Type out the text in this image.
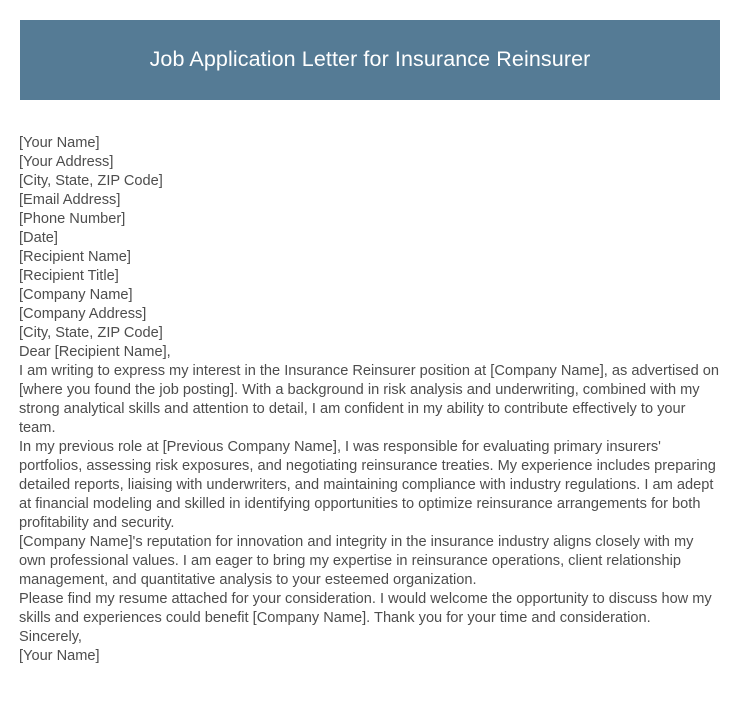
Job Application Letter for Insurance Reinsurer
[Your Name]
[Your Address]
[City, State, ZIP Code]
[Email Address]
[Phone Number]
[Date]
[Recipient Name]
[Recipient Title]
[Company Name]
[Company Address]
[City, State, ZIP Code]
Dear [Recipient Name],

I am writing to express my interest in the Insurance Reinsurer position at [Company Name], as advertised on [where you found the job posting]. With a background in risk analysis and underwriting, combined with my strong analytical skills and attention to detail, I am confident in my ability to contribute effectively to your team.

In my previous role at [Previous Company Name], I was responsible for evaluating primary insurers' portfolios, assessing risk exposures, and negotiating reinsurance treaties. My experience includes preparing detailed reports, liaising with underwriters, and maintaining compliance with industry regulations. I am adept at financial modeling and skilled in identifying opportunities to optimize reinsurance arrangements for both profitability and security.

[Company Name]'s reputation for innovation and integrity in the insurance industry aligns closely with my own professional values. I am eager to bring my expertise in reinsurance operations, client relationship management, and quantitative analysis to your esteemed organization.

Please find my resume attached for your consideration. I would welcome the opportunity to discuss how my skills and experiences could benefit [Company Name]. Thank you for your time and consideration.

Sincerely,
[Your Name]
